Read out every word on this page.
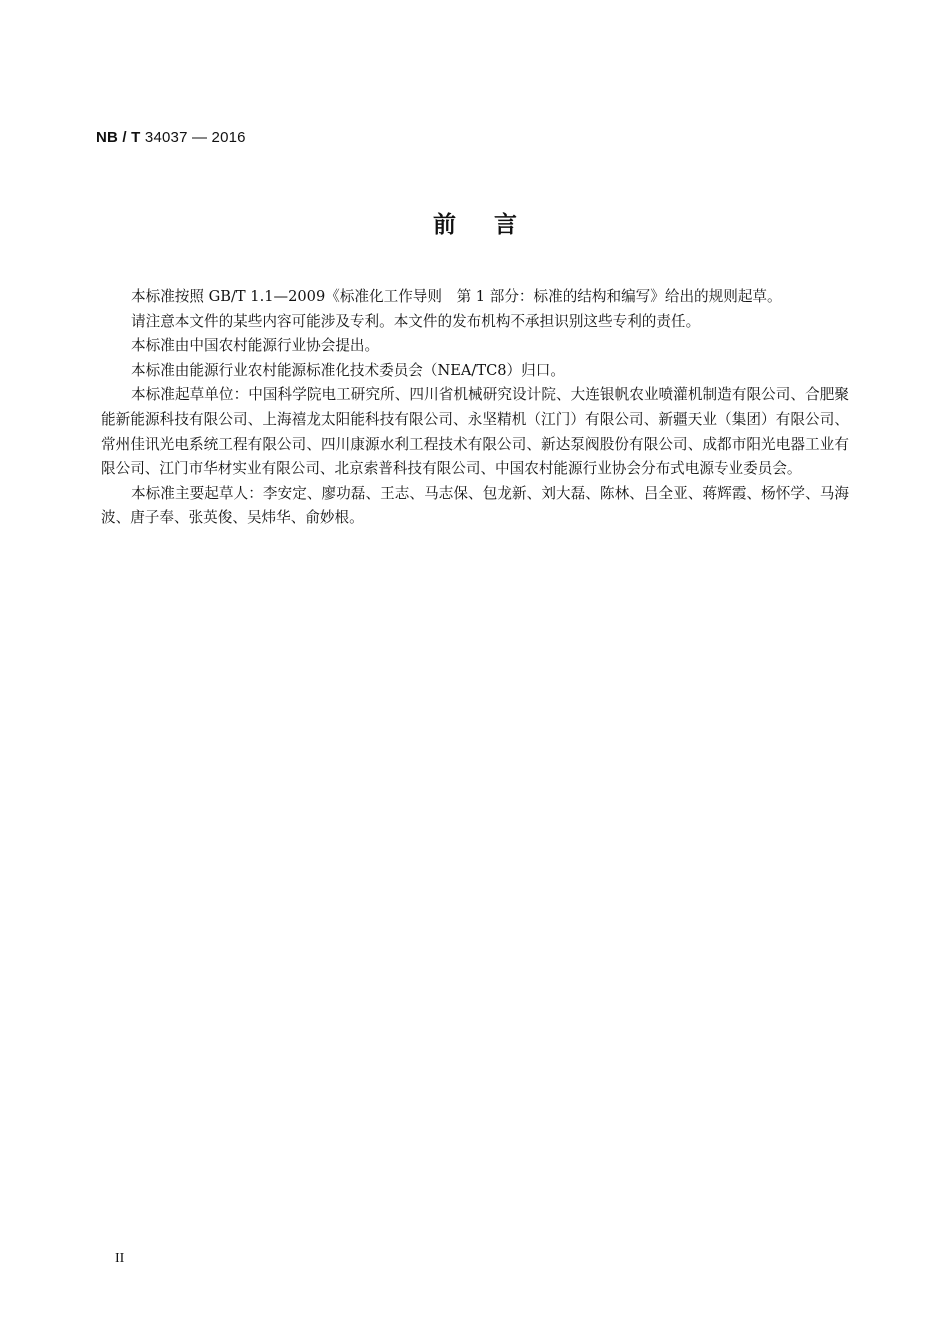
NB / T 34037 — 2016
前言

本标准按照 GB/T 1.1—2009《标准化工作导则　第 1 部分：标准的结构和编写》给出的规则起草。

请注意本文件的某些内容可能涉及专利。本文件的发布机构不承担识别这些专利的责任。

本标准由中国农村能源行业协会提出。

本标准由能源行业农村能源标准化技术委员会（NEA/TC8）归口。

本标准起草单位：中国科学院电工研究所、四川省机械研究设计院、大连银帆农业喷灌机制造有限公司、合肥聚能新能源科技有限公司、上海禧龙太阳能科技有限公司、永坚精机（江门）有限公司、新疆天业（集团）有限公司、常州佳讯光电系统工程有限公司、四川康源水利工程技术有限公司、新达泵阀股份有限公司、成都市阳光电器工业有限公司、江门市华材实业有限公司、北京索普科技有限公司、中国农村能源行业协会分布式电源专业委员会。

本标准主要起草人：李安定、廖功磊、王志、马志保、包龙新、刘大磊、陈林、吕全亚、蒋辉霞、杨怀学、马海波、唐子奉、张英俊、吴炜华、俞妙根。

II
